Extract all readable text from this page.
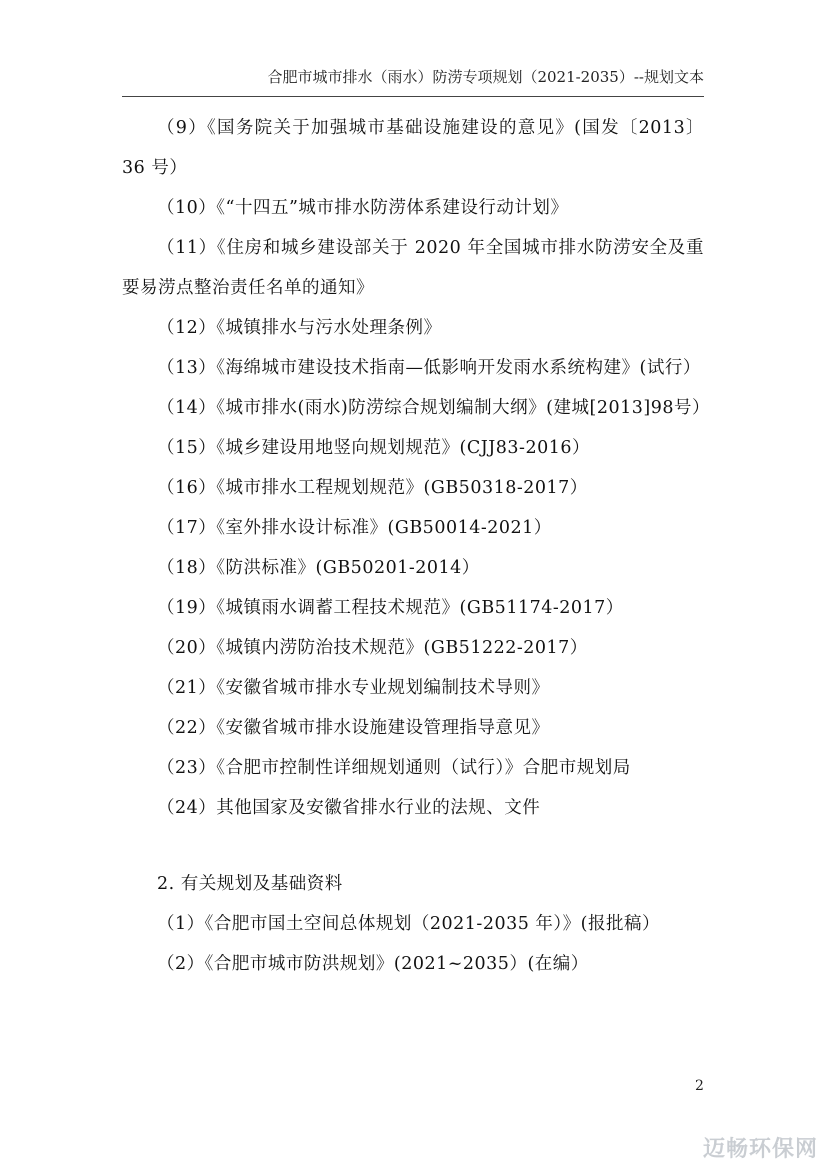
合肥市城市排水（雨水）防涝专项规划（2021-2035）--规划文本

（9）《国务院关于加强城市基础设施建设的意见》(国发〔2013〕36 号）

（10）《“十四五”城市排水防涝体系建设行动计划》

（11）《住房和城乡建设部关于 2020 年全国城市排水防涝安全及重要易涝点整治责任名单的通知》

（12）《城镇排水与污水处理条例》

（13）《海绵城市建设技术指南—低影响开发雨水系统构建》(试行）

（14）《城市排水(雨水)防涝综合规划编制大纲》(建城[2013]98号）

（15）《城乡建设用地竖向规划规范》(CJJ83-2016）

（16）《城市排水工程规划规范》(GB50318-2017）

（17）《室外排水设计标准》(GB50014-2021）

（18）《防洪标准》(GB50201-2014）

（19）《城镇雨水调蓄工程技术规范》(GB51174-2017）

（20）《城镇内涝防治技术规范》(GB51222-2017）

（21）《安徽省城市排水专业规划编制技术导则》

（22）《安徽省城市排水设施建设管理指导意见》

（23）《合肥市控制性详细规划通则（试行）》合肥市规划局

（24）其他国家及安徽省排水行业的法规、文件

2. 有关规划及基础资料

（1）《合肥市国土空间总体规划（2021-2035 年）》(报批稿）

（2）《合肥市城市防洪规划》(2021~2035）(在编）

2
迈畅环保网
